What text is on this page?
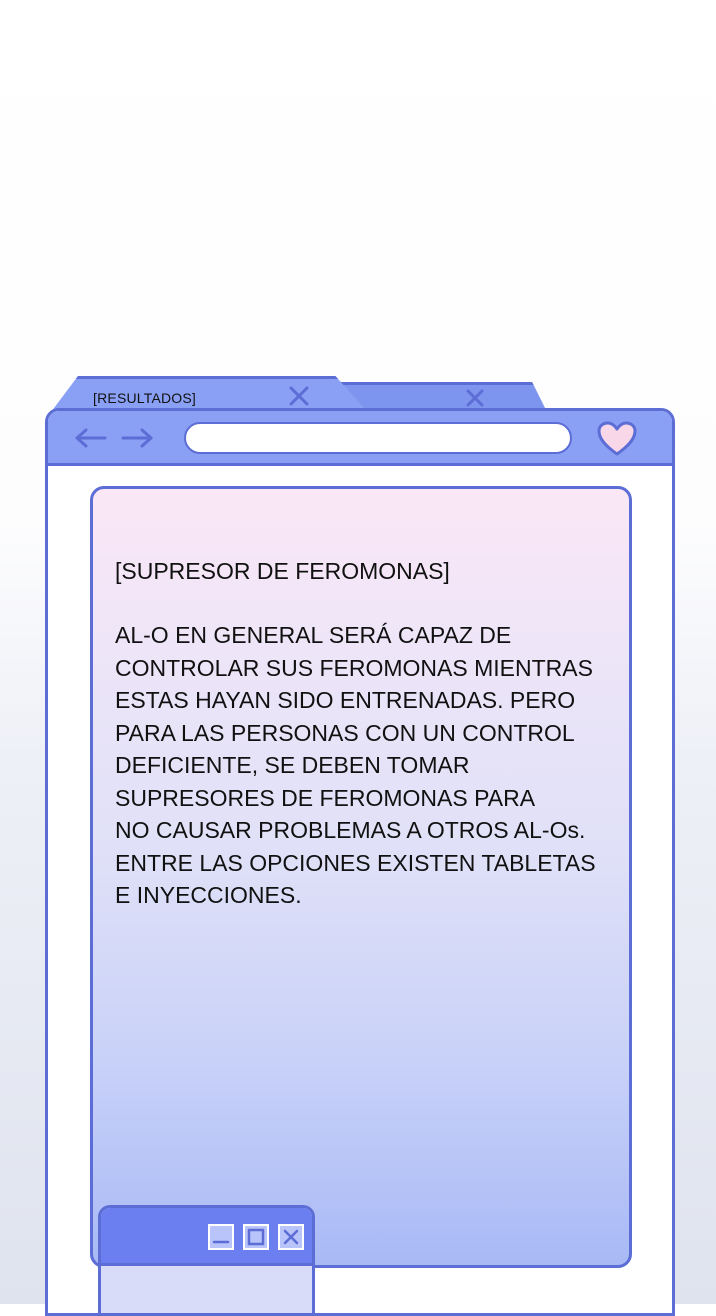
[RESULTADOS]
[SUPRESOR DE FEROMONAS]
AL-O EN GENERAL SERÁ CAPAZ DE
CONTROLAR SUS FEROMONAS MIENTRAS
ESTAS HAYAN SIDO ENTRENADAS. PERO
PARA LAS PERSONAS CON UN CONTROL
DEFICIENTE, SE DEBEN TOMAR
SUPRESORES DE FEROMONAS PARA
NO CAUSAR PROBLEMAS A OTROS AL-Os.
ENTRE LAS OPCIONES EXISTEN TABLETAS
E INYECCIONES.
